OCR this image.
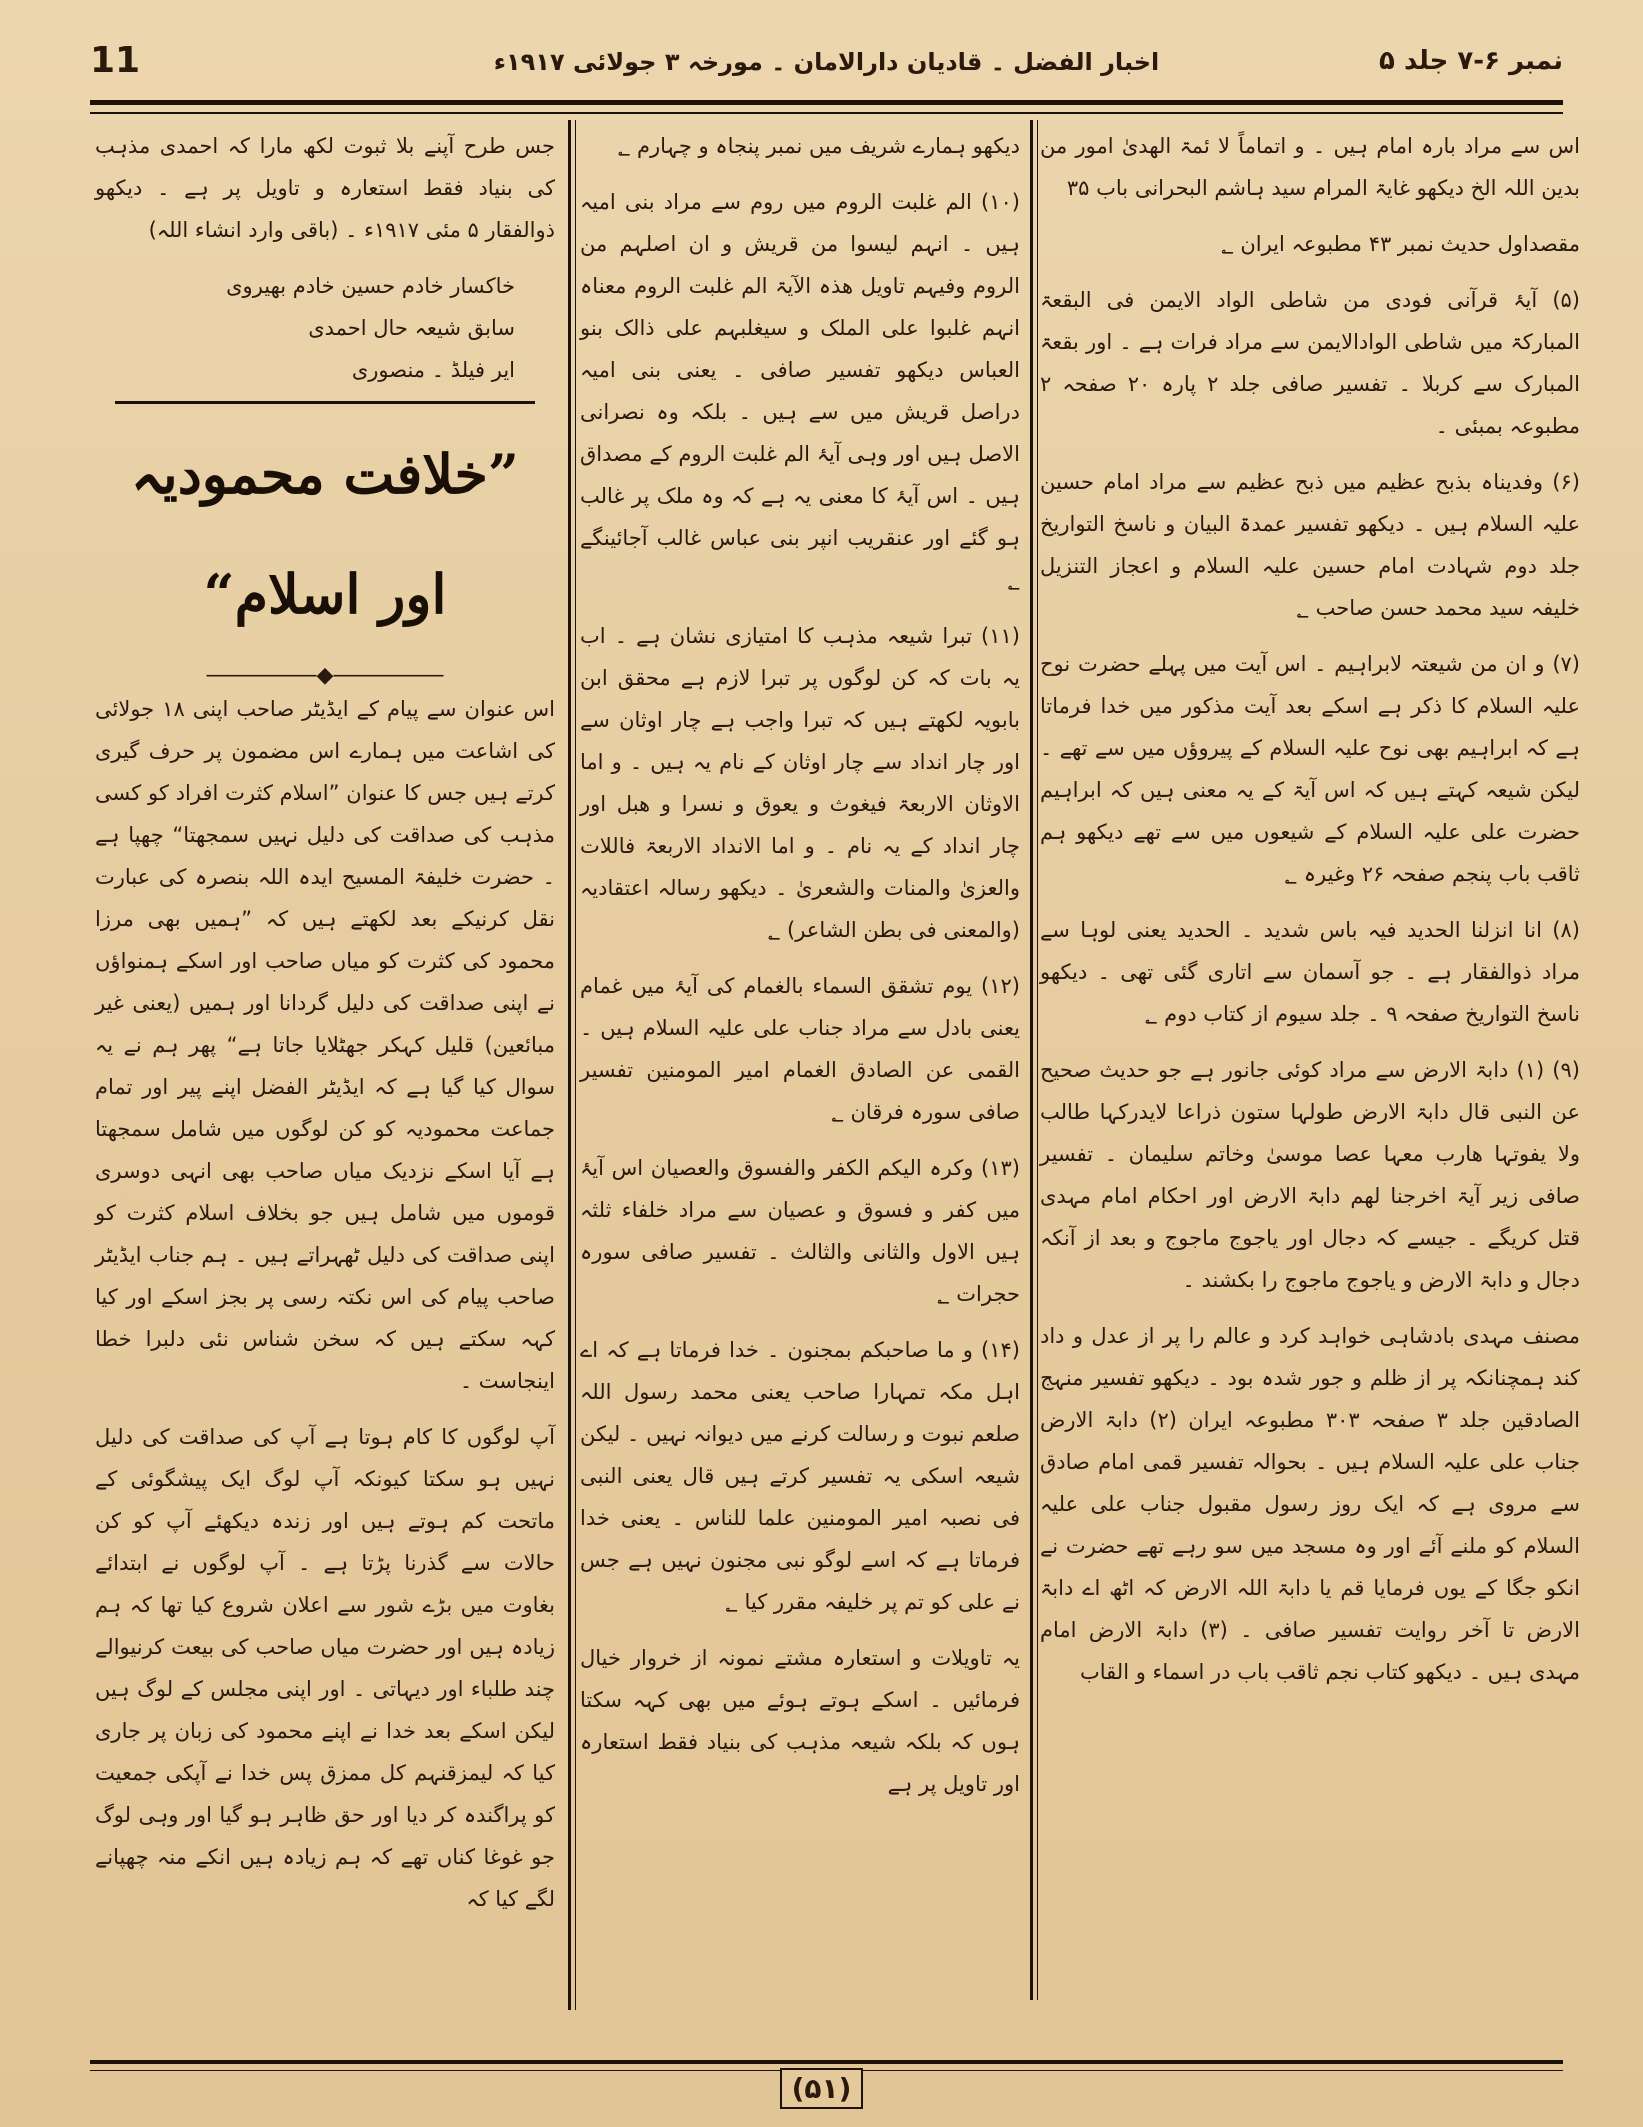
نمبر ۶-۷ جلد ۵
اخبار الفضل ۔ قادیان دارالامان ۔ مورخہ ۳ جولائی ۱۹۱۷ء
11
اس سے مراد بارہ امام ہیں ۔ و اتماماً لا ئمۃ الھدیٰ امور من بدین اللہ الخ دیکھو غایۃ المرام سید ہاشم البحرانی باب ۳۵
مقصداول حدیث نمبر ۴۳ مطبوعہ ایران ؂
(۵) آیۂ قرآنی فودی من شاطی الواد الایمن فی البقعۃ المبارکۃ میں شاطی الوادالایمن سے مراد فرات ہے ۔ اور بقعۃ المبارک سے کربلا ۔ تفسیر صافی جلد ۲ پارہ ۲۰ صفحہ ۲ مطبوعہ بمبئی ۔
(۶) وفدیناہ بذبح عظیم میں ذبح عظیم سے مراد امام حسین علیہ السلام ہیں ۔ دیکھو تفسیر عمدۃ البیان و ناسخ التواریخ جلد دوم شہادت امام حسین علیہ السلام و اعجاز التنزیل خلیفہ سید محمد حسن صاحب ؂
(۷) و ان من شیعتہ لابراہیم ۔ اس آیت میں پہلے حضرت نوح علیہ السلام کا ذکر ہے اسکے بعد آیت مذکور میں خدا فرماتا ہے کہ ابراہیم بھی نوح علیہ السلام کے پیروؤں میں سے تھے ۔ لیکن شیعہ کہتے ہیں کہ اس آیۃ کے یہ معنی ہیں کہ ابراہیم حضرت علی علیہ السلام کے شیعوں میں سے تھے دیکھو ہم ثاقب باب پنجم صفحہ ۲۶ وغیرہ ؂
(۸) انا انزلنا الحدید فیہ باس شدید ۔ الحدید یعنی لوہا سے مراد ذوالفقار ہے ۔ جو آسمان سے اتاری گئی تھی ۔ دیکھو ناسخ التواریخ صفحہ ۹ ۔ جلد سیوم از کتاب دوم ؂
(۹) (۱) دابۃ الارض سے مراد کوئی جانور ہے جو حدیث صحیح عن النبی قال دابۃ الارض طولہا ستون ذراعا لایدرکہا طالب ولا یفوتہا ھارب معہا عصا موسیٰ وخاتم سلیمان ۔ تفسیر صافی زیر آیۃ اخرجنا لھم دابۃ الارض اور احکام امام مہدی قتل کریگے ۔ جیسے کہ دجال اور یاجوج ماجوج و بعد از آنکہ دجال و دابۃ الارض و یاجوج ماجوج را بکشند ۔
مصنف مہدی بادشاہی خواہد کرد و عالم را پر از عدل و داد کند ہمچنانکہ پر از ظلم و جور شدہ بود ۔ دیکھو تفسیر منہج الصادقین جلد ۳ صفحہ ۳۰۳ مطبوعہ ایران (۲) دابۃ الارض جناب علی علیہ السلام ہیں ۔ بحوالہ تفسیر قمی امام صادق سے مروی ہے کہ ایک روز رسول مقبول جناب علی علیہ السلام کو ملنے آئے اور وہ مسجد میں سو رہے تھے حضرت نے انکو جگا کے یوں فرمایا قم یا دابۃ اللہ الارض کہ اٹھ اے دابۃ الارض تا آخر روایت تفسیر صافی ۔ (۳) دابۃ الارض امام مہدی ہیں ۔ دیکھو کتاب نجم ثاقب باب در اسماء و القاب
دیکھو ہمارے شریف میں نمبر پنجاہ و چہارم ؂
(۱۰) الم غلبت الروم میں روم سے مراد بنی امیہ ہیں ۔ انہم لیسوا من قریش و ان اصلہم من الروم وفیہم تاویل ھذہ الآیۃ الم غلبت الروم معناہ انہم غلبوا علی الملک و سیغلبہم علی ذالک بنو العباس دیکھو تفسیر صافی ۔ یعنی بنی امیہ دراصل قریش میں سے ہیں ۔ بلکہ وہ نصرانی الاصل ہیں اور وہی آیۂ الم غلبت الروم کے مصداق ہیں ۔ اس آیۂ کا معنی یہ ہے کہ وہ ملک پر غالب ہو گئے اور عنقریب انپر بنی عباس غالب آجائینگے ؂
(۱۱) تبرا شیعہ مذہب کا امتیازی نشان ہے ۔ اب یہ بات کہ کن لوگوں پر تبرا لازم ہے محقق ابن بابویہ لکھتے ہیں کہ تبرا واجب ہے چار اوثان سے اور چار انداد سے چار اوثان کے نام یہ ہیں ۔ و اما الاوثان الاربعۃ فیغوث و یعوق و نسرا و ھبل اور چار انداد کے یہ نام ۔ و اما الانداد الاربعۃ فاللات والعزیٰ والمنات والشعریٰ ۔ دیکھو رسالہ اعتقادیہ (والمعنی فی بطن الشاعر) ؂
(۱۲) یوم تشقق السماء بالغمام کی آیۂ میں غمام یعنی بادل سے مراد جناب علی علیہ السلام ہیں ۔ القمی عن الصادق الغمام امیر المومنین تفسیر صافی سورہ فرقان ؂
(۱۳) وکرہ الیکم الکفر والفسوق والعصیان اس آیۂ میں کفر و فسوق و عصیان سے مراد خلفاء ثلثہ ہیں الاول والثانی والثالث ۔ تفسیر صافی سورہ حجرات ؂
(۱۴) و ما صاحبکم بمجنون ۔ خدا فرماتا ہے کہ اے اہل مکہ تمہارا صاحب یعنی محمد رسول اللہ صلعم نبوت و رسالت کرنے میں دیوانہ نہیں ۔ لیکن شیعہ اسکی یہ تفسیر کرتے ہیں قال یعنی النبی فی نصبہ امیر المومنین علما للناس ۔ یعنی خدا فرماتا ہے کہ اسے لوگو نبی مجنون نہیں ہے جس نے علی کو تم پر خلیفہ مقرر کیا ؂
یہ تاویلات و استعارہ مشتے نمونہ از خروار خیال فرمائیں ۔ اسکے ہوتے ہوئے میں بھی کہہ سکتا ہوں کہ بلکہ شیعہ مذہب کی بنیاد فقط استعارہ اور تاویل پر ہے
جس طرح آپنے بلا ثبوت لکھ مارا کہ احمدی مذہب کی بنیاد فقط استعارہ و تاویل پر ہے ۔ دیکھو ذوالفقار ۵ مئی ۱۹۱۷ء ۔ (باقی وارد انشاء اللہ)
خاکسار خادم حسین خادم بھیروی
سابق شیعہ حال احمدی
ایر فیلڈ ۔ منصوری
”خلافت محمودیہ اور اسلام“
―――――◆―――――
اس عنوان سے پیام کے ایڈیٹر صاحب اپنی ۱۸ جولائی کی اشاعت میں ہمارے اس مضمون پر حرف گیری کرتے ہیں جس کا عنوان ”اسلام کثرت افراد کو کسی مذہب کی صداقت کی دلیل نہیں سمجھتا“ چھپا ہے ۔ حضرت خلیفۃ المسیح ایدہ اللہ بنصرہ کی عبارت نقل کرنیکے بعد لکھتے ہیں کہ ”ہمیں بھی مرزا محمود کی کثرت کو میاں صاحب اور اسکے ہمنواؤں نے اپنی صداقت کی دلیل گردانا اور ہمیں (یعنی غیر مبائعین) قلیل کہکر جھٹلایا جاتا ہے“ پھر ہم نے یہ سوال کیا گیا ہے کہ ایڈیٹر الفضل اپنے پیر اور تمام جماعت محمودیہ کو کن لوگوں میں شامل سمجھتا ہے آیا اسکے نزدیک میاں صاحب بھی انہی دوسری قوموں میں شامل ہیں جو بخلاف اسلام کثرت کو اپنی صداقت کی دلیل ٹھہراتے ہیں ۔ ہم جناب ایڈیٹر صاحب پیام کی اس نکتہ رسی پر بجز اسکے اور کیا کہہ سکتے ہیں کہ سخن شناس نئی دلبرا خطا اینجاست ۔
آپ لوگوں کا کام ہوتا ہے آپ کی صداقت کی دلیل نہیں ہو سکتا کیونکہ آپ لوگ ایک پیشگوئی کے ماتحت کم ہوتے ہیں اور زندہ دیکھئے آپ کو کن حالات سے گذرنا پڑتا ہے ۔ آپ لوگوں نے ابتدائے بغاوت میں بڑے شور سے اعلان شروع کیا تھا کہ ہم زیادہ ہیں اور حضرت میاں صاحب کی بیعت کرنیوالے چند طلباء اور دیہاتی ۔ اور اپنی مجلس کے لوگ ہیں لیکن اسکے بعد خدا نے اپنے محمود کی زبان پر جاری کیا کہ لیمزقنہم کل ممزق پس خدا نے آپکی جمعیت کو پراگندہ کر دیا اور حق ظاہر ہو گیا اور وہی لوگ جو غوغا کناں تھے کہ ہم زیادہ ہیں انکے منہ چھپانے لگے کیا کہ
(۵۱)
